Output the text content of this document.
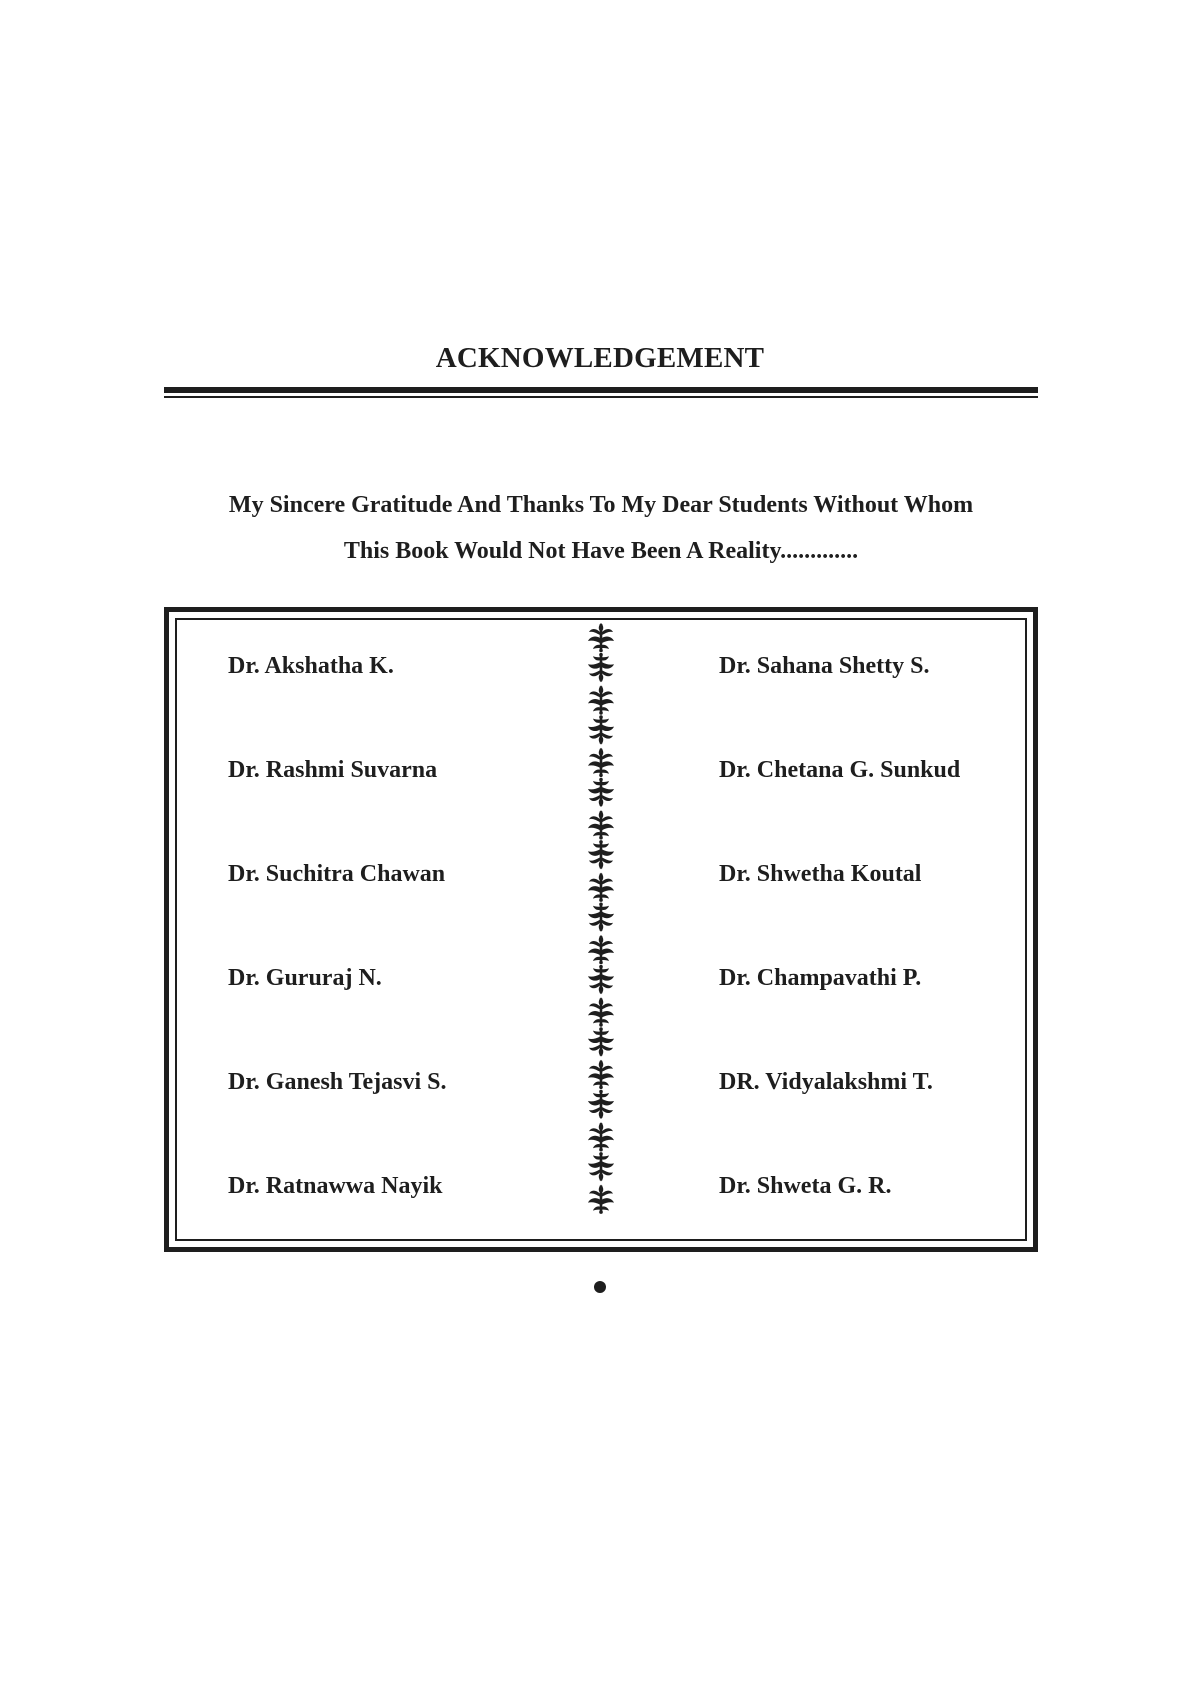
ACKNOWLEDGEMENT

My Sincere Gratitude And Thanks To My Dear Students Without Whom
This Book Would Not Have Been A Reality.............

Dr. Akshatha K.
Dr. Rashmi Suvarna
Dr. Suchitra Chawan
Dr. Gururaj N.
Dr. Ganesh Tejasvi S.
Dr. Ratnawwa Nayik
Dr. Sahana Shetty S.
Dr. Chetana G. Sunkud
Dr. Shwetha Koutal
Dr. Champavathi P.
DR. Vidyalakshmi T.
Dr. Shweta G. R.
